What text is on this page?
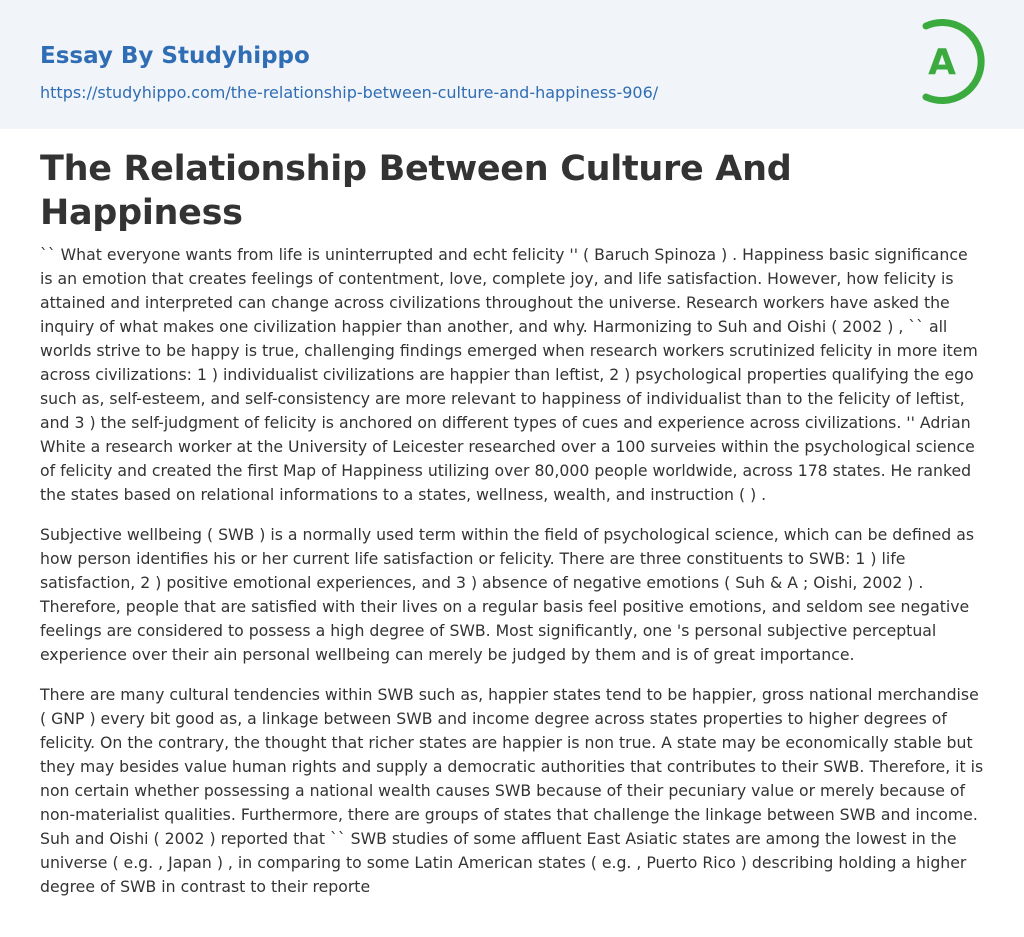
Essay By Studyhippo
https://studyhippo.com/the-relationship-between-culture-and-happiness-906/
A
The Relationship Between Culture And Happiness

`` What everyone wants from life is uninterrupted and echt felicity '' ( Baruch Spinoza ) . Happiness basic significance is an emotion that creates feelings of contentment, love, complete joy, and life satisfaction. However, how felicity is attained and interpreted can change across civilizations throughout the universe. Research workers have asked the inquiry of what makes one civilization happier than another, and why. Harmonizing to Suh and Oishi ( 2002 ) , `` all worlds strive to be happy is true, challenging findings emerged when research workers scrutinized felicity in more item across civilizations: 1 ) individualist civilizations are happier than leftist, 2 ) psychological properties qualifying the ego such as, self-esteem, and self-consistency are more relevant to happiness of individualist than to the felicity of leftist, and 3 ) the self-judgment of felicity is anchored on different types of cues and experience across civilizations. '' Adrian White a research worker at the University of Leicester researched over a 100 surveies within the psychological science of felicity and created the first Map of Happiness utilizing over 80,000 people worldwide, across 178 states. He ranked the states based on relational informations to a states, wellness, wealth, and instruction ( ) .

Subjective wellbeing ( SWB ) is a normally used term within the field of psychological science, which can be defined as how person identifies his or her current life satisfaction or felicity. There are three constituents to SWB: 1 ) life satisfaction, 2 ) positive emotional experiences, and 3 ) absence of negative emotions ( Suh & A ; Oishi, 2002 ) . Therefore, people that are satisfied with their lives on a regular basis feel positive emotions, and seldom see negative feelings are considered to possess a high degree of SWB. Most significantly, one 's personal subjective perceptual experience over their ain personal wellbeing can merely be judged by them and is of great importance.

There are many cultural tendencies within SWB such as, happier states tend to be happier, gross national merchandise ( GNP ) every bit good as, a linkage between SWB and income degree across states properties to higher degrees of felicity. On the contrary, the thought that richer states are happier is non true. A state may be economically stable but they may besides value human rights and supply a democratic authorities that contributes to their SWB. Therefore, it is non certain whether possessing a national wealth causes SWB because of their pecuniary value or merely because of non-materialist qualities. Furthermore, there are groups of states that challenge the linkage between SWB and income. Suh and Oishi ( 2002 ) reported that `` SWB studies of some affluent East Asiatic states are among the lowest in the universe ( e.g. , Japan ) , in comparing to some Latin American states ( e.g. , Puerto Rico ) describing holding a higher degree of SWB in contrast to their reporte
